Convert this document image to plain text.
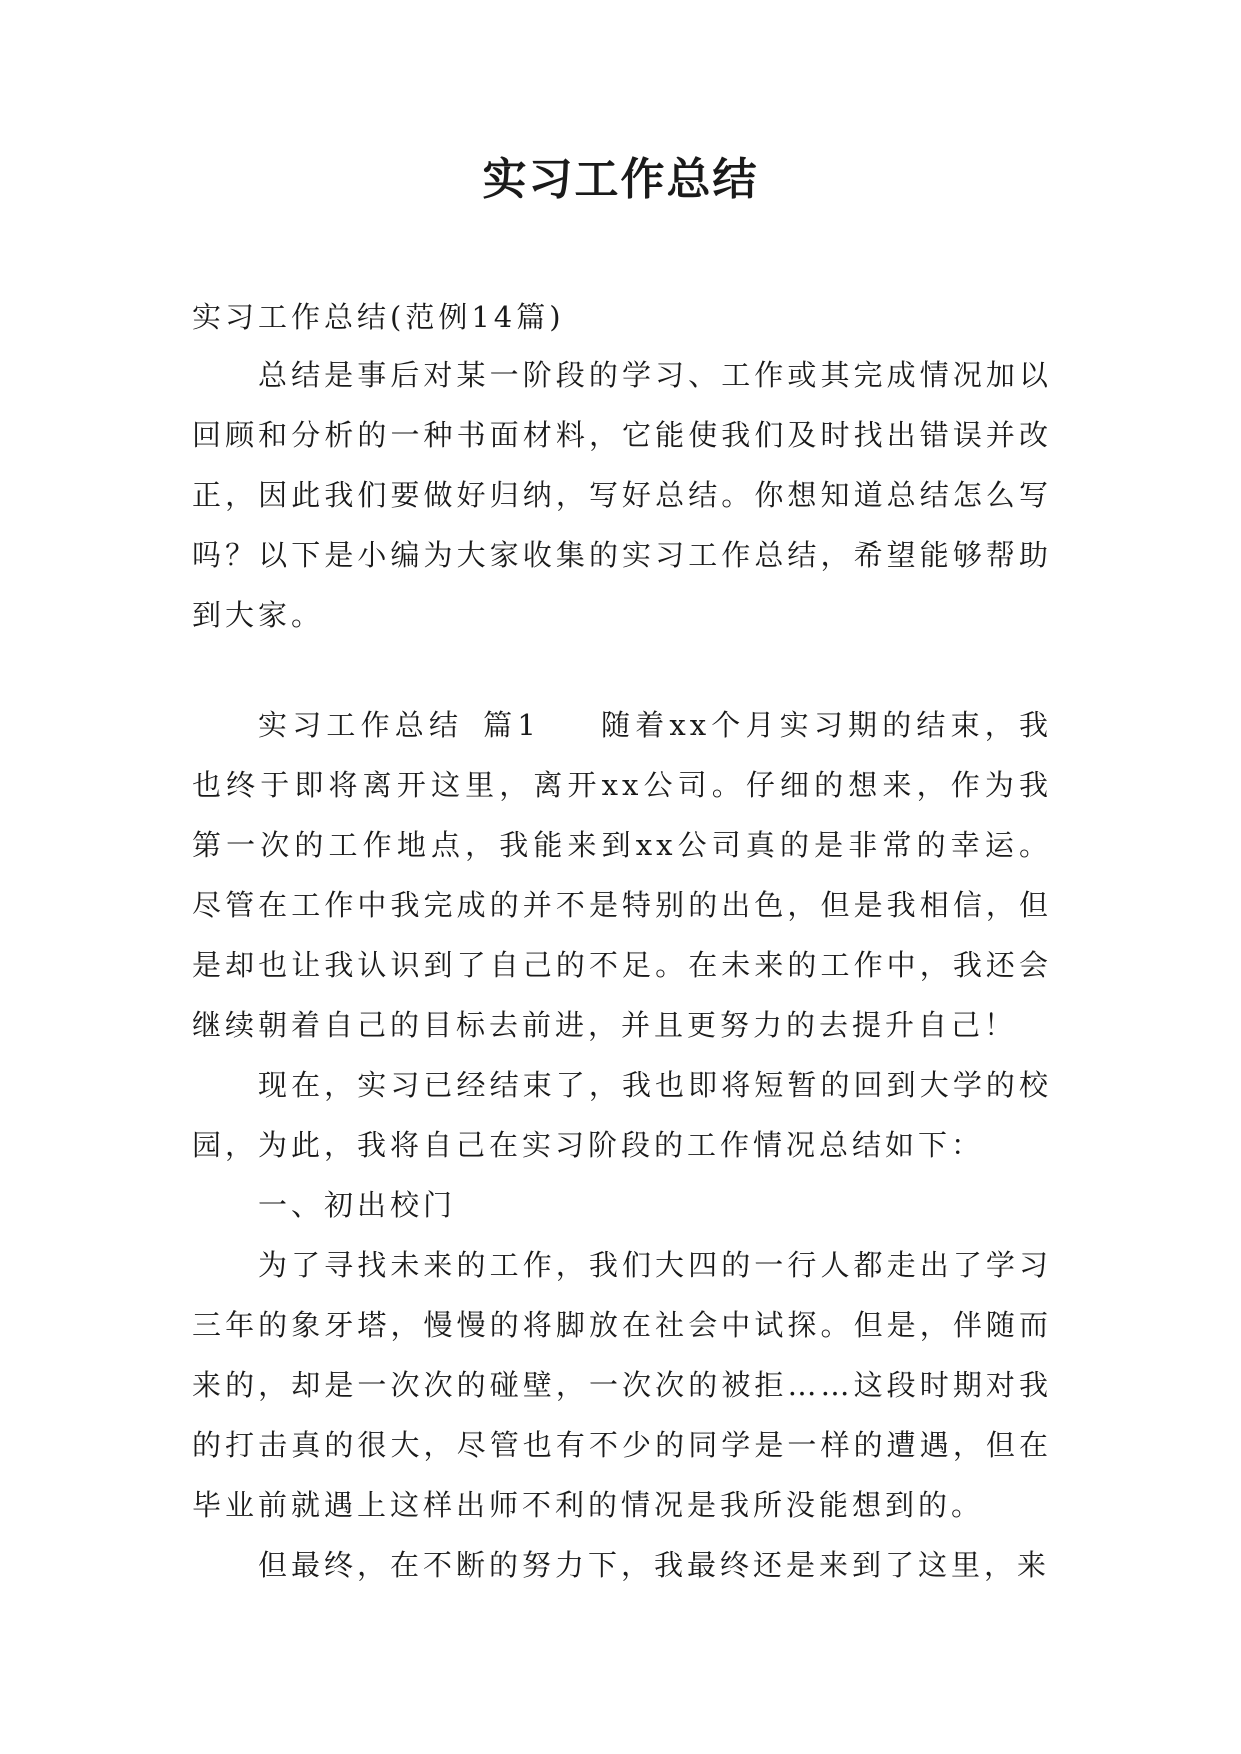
实习工作总结
实习工作总结(范例14篇)
总结是事后对某一阶段的学习、工作或其完成情况加以回顾和分析的一种书面材料，它能使我们及时找出错误并改正，因此我们要做好归纳，写好总结。你想知道总结怎么写吗？以下是小编为大家收集的实习工作总结，希望能够帮助到大家。

实习工作总结 篇1 随着xx个月实习期的结束，我也终于即将离开这里，离开xx公司。仔细的想来，作为我第一次的工作地点，我能来到xx公司真的是非常的幸运。尽管在工作中我完成的并不是特别的出色，但是我相信，但是却也让我认识到了自己的不足。在未来的工作中，我还会继续朝着自己的目标去前进，并且更努力的去提升自己！

现在，实习已经结束了，我也即将短暂的回到大学的校园，为此，我将自己在实习阶段的工作情况总结如下：

一、初出校门

为了寻找未来的工作，我们大四的一行人都走出了学习三年的象牙塔，慢慢的将脚放在社会中试探。但是，伴随而来的，却是一次次的碰壁，一次次的被拒……这段时期对我的打击真的很大，尽管也有不少的同学是一样的遭遇，但在毕业前就遇上这样出师不利的情况是我所没能想到的。

但最终，在不断的努力下，我最终还是来到了这里，来
